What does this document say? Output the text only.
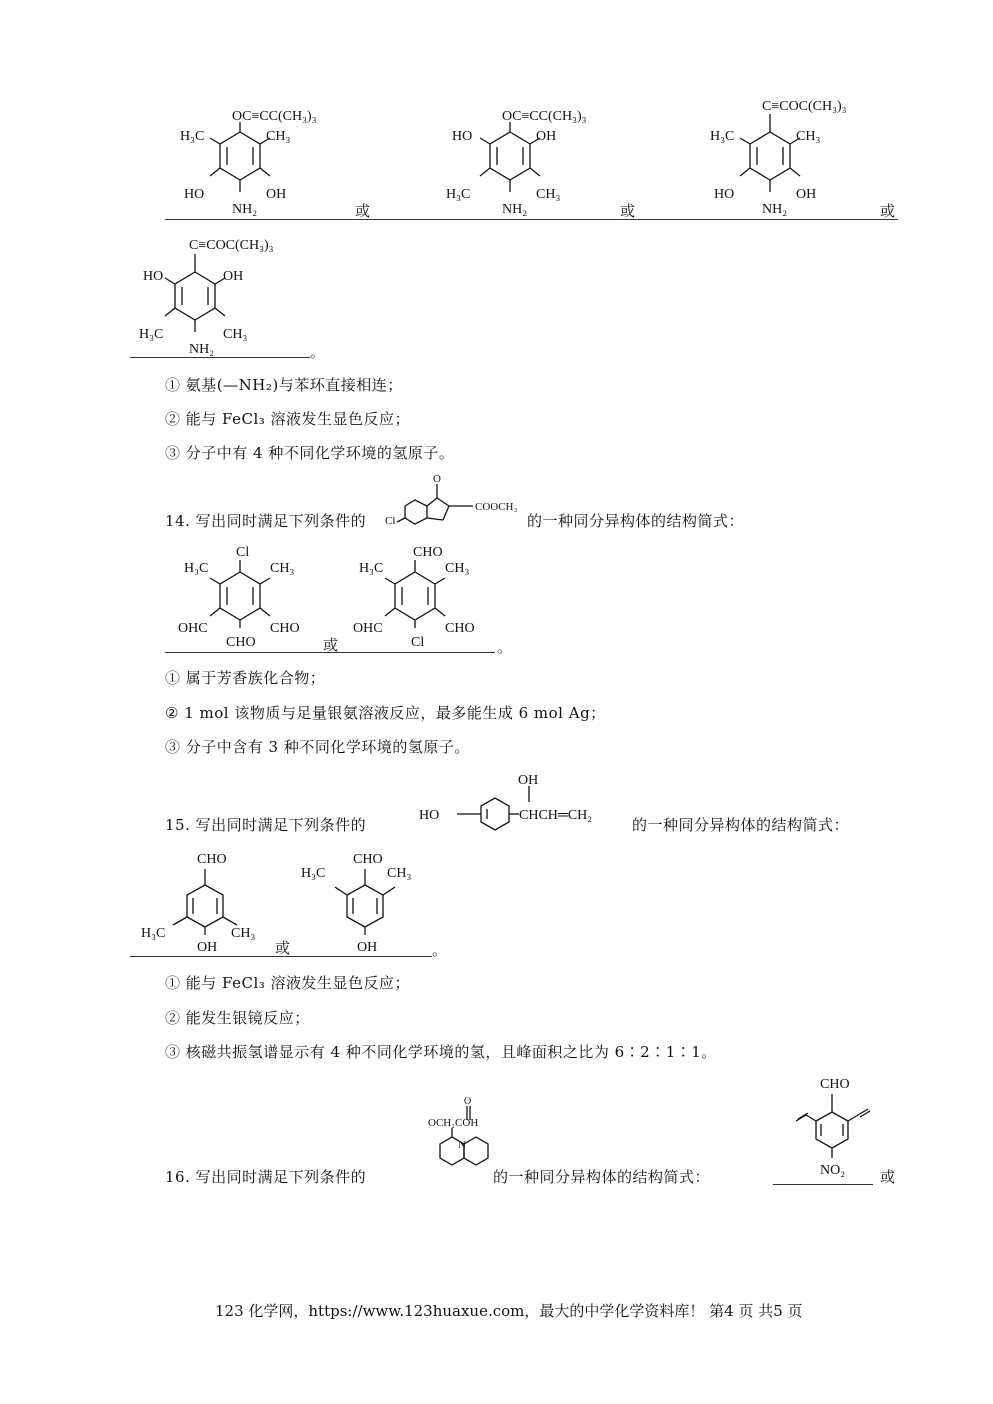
OC≡CC(CH₃)₃
H₃C	CH₃
HO	OH
NH₂	或
OC≡CC(CH₃)₃
HO	OH
H₃C	CH₃
NH₂	或
C≡COC(CH₃)₃
H₃C	CH₃
HO	OH
NH₂	或
C≡COC(CH₃)₃
HO	OH
H₃C	CH₃
NH₂	。
① 氨基(—NH₂)与苯环直接相连；
② 能与 FeCl₃ 溶液发生显色反应；
③ 分子中有 4 种不同化学环境的氢原子。
14. 写出同时满足下列条件的
O
Cl
COOCH₃
的一种同分异构体的结构简式：
Cl
H₃C	CH₃
OHC	CHO
CHO	或
CHO
H₃C	CH₃
OHC	CHO
Cl	。
① 属于芳香族化合物；
② 1 mol 该物质与足量银氨溶液反应，最多能生成 6 mol Ag；
③ 分子中含有 3 种不同化学环境的氢原子。
15. 写出同时满足下列条件的
HO
OH
CHCH═CH₂
的一种同分异构体的结构简式：
CHO
H₃C	CH₃
OH	或
CHO
H₃C	CH₃
OH	。
① 能与 FeCl₃ 溶液发生显色反应；
② 能发生银镜反应；
③ 核磁共振氢谱显示有 4 种不同化学环境的氢，且峰面积之比为 6∶2∶1∶1。
16. 写出同时满足下列条件的
O
OCH₂COH
N
的一种同分异构体的结构简式：
CHO
NO₂ 或
123 化学网，https://www.123huaxue.com，最大的中学化学资料库！ 第4 页 共5 页
